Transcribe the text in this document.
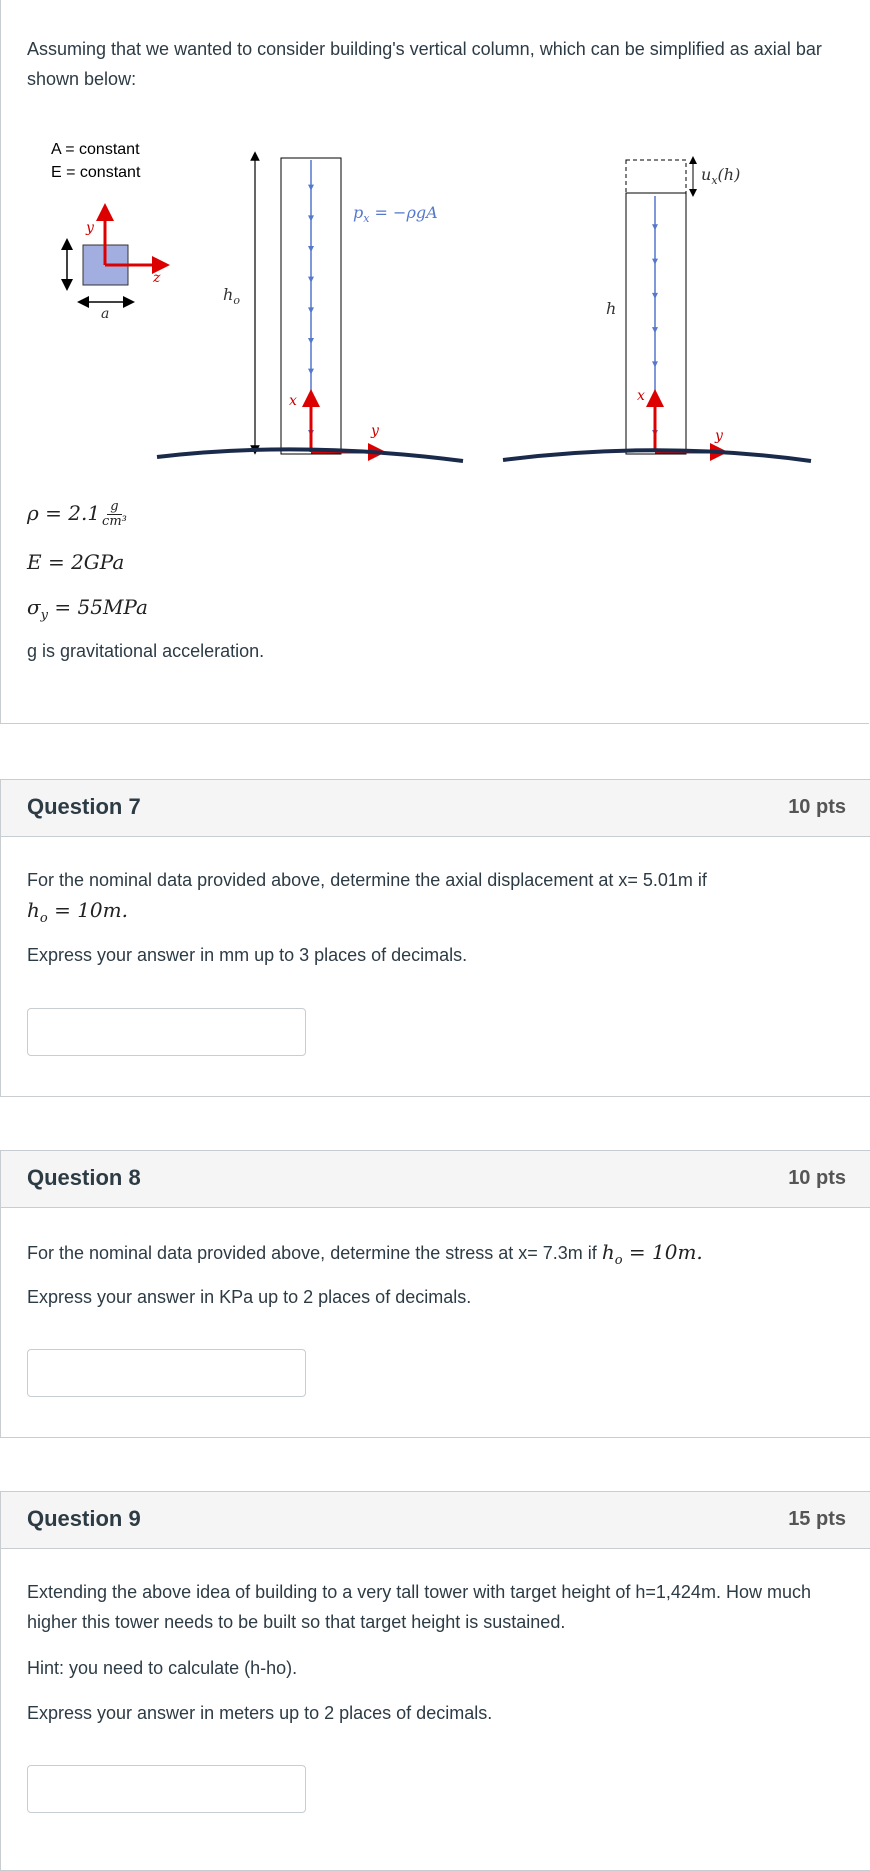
Assuming that we wanted to consider building's vertical column, which can be simplified as axial bar shown below:
A = constant
E = constant
a
y
z
$h_o$
$p_x = -\rho gA$
x
y
$u_x(h)$
h
x
y
$\rho = 2.1 \frac{g}{\text{cm³}}$
E = 2GPa
$\sigma_y = 55MPa$
g is gravitational acceleration.
Question 7	10 pts
For the nominal data provided above, determine the axial displacement at x= 5.01m if
$h_o = 10m$.
Express your answer in mm up to 3 places of decimals.
Question 8	10 pts
For the nominal data provided above, determine the stress at x= 7.3m if $h_o = 10m$.
Express your answer in KPa up to 2 places of decimals.
Question 9	15 pts
Extending the above idea of building to a very tall tower with target height of h=1,424m. How much higher this tower needs to be built so that target height is sustained.
Hint: you need to calculate (h-ho).
Express your answer in meters up to 2 places of decimals.
